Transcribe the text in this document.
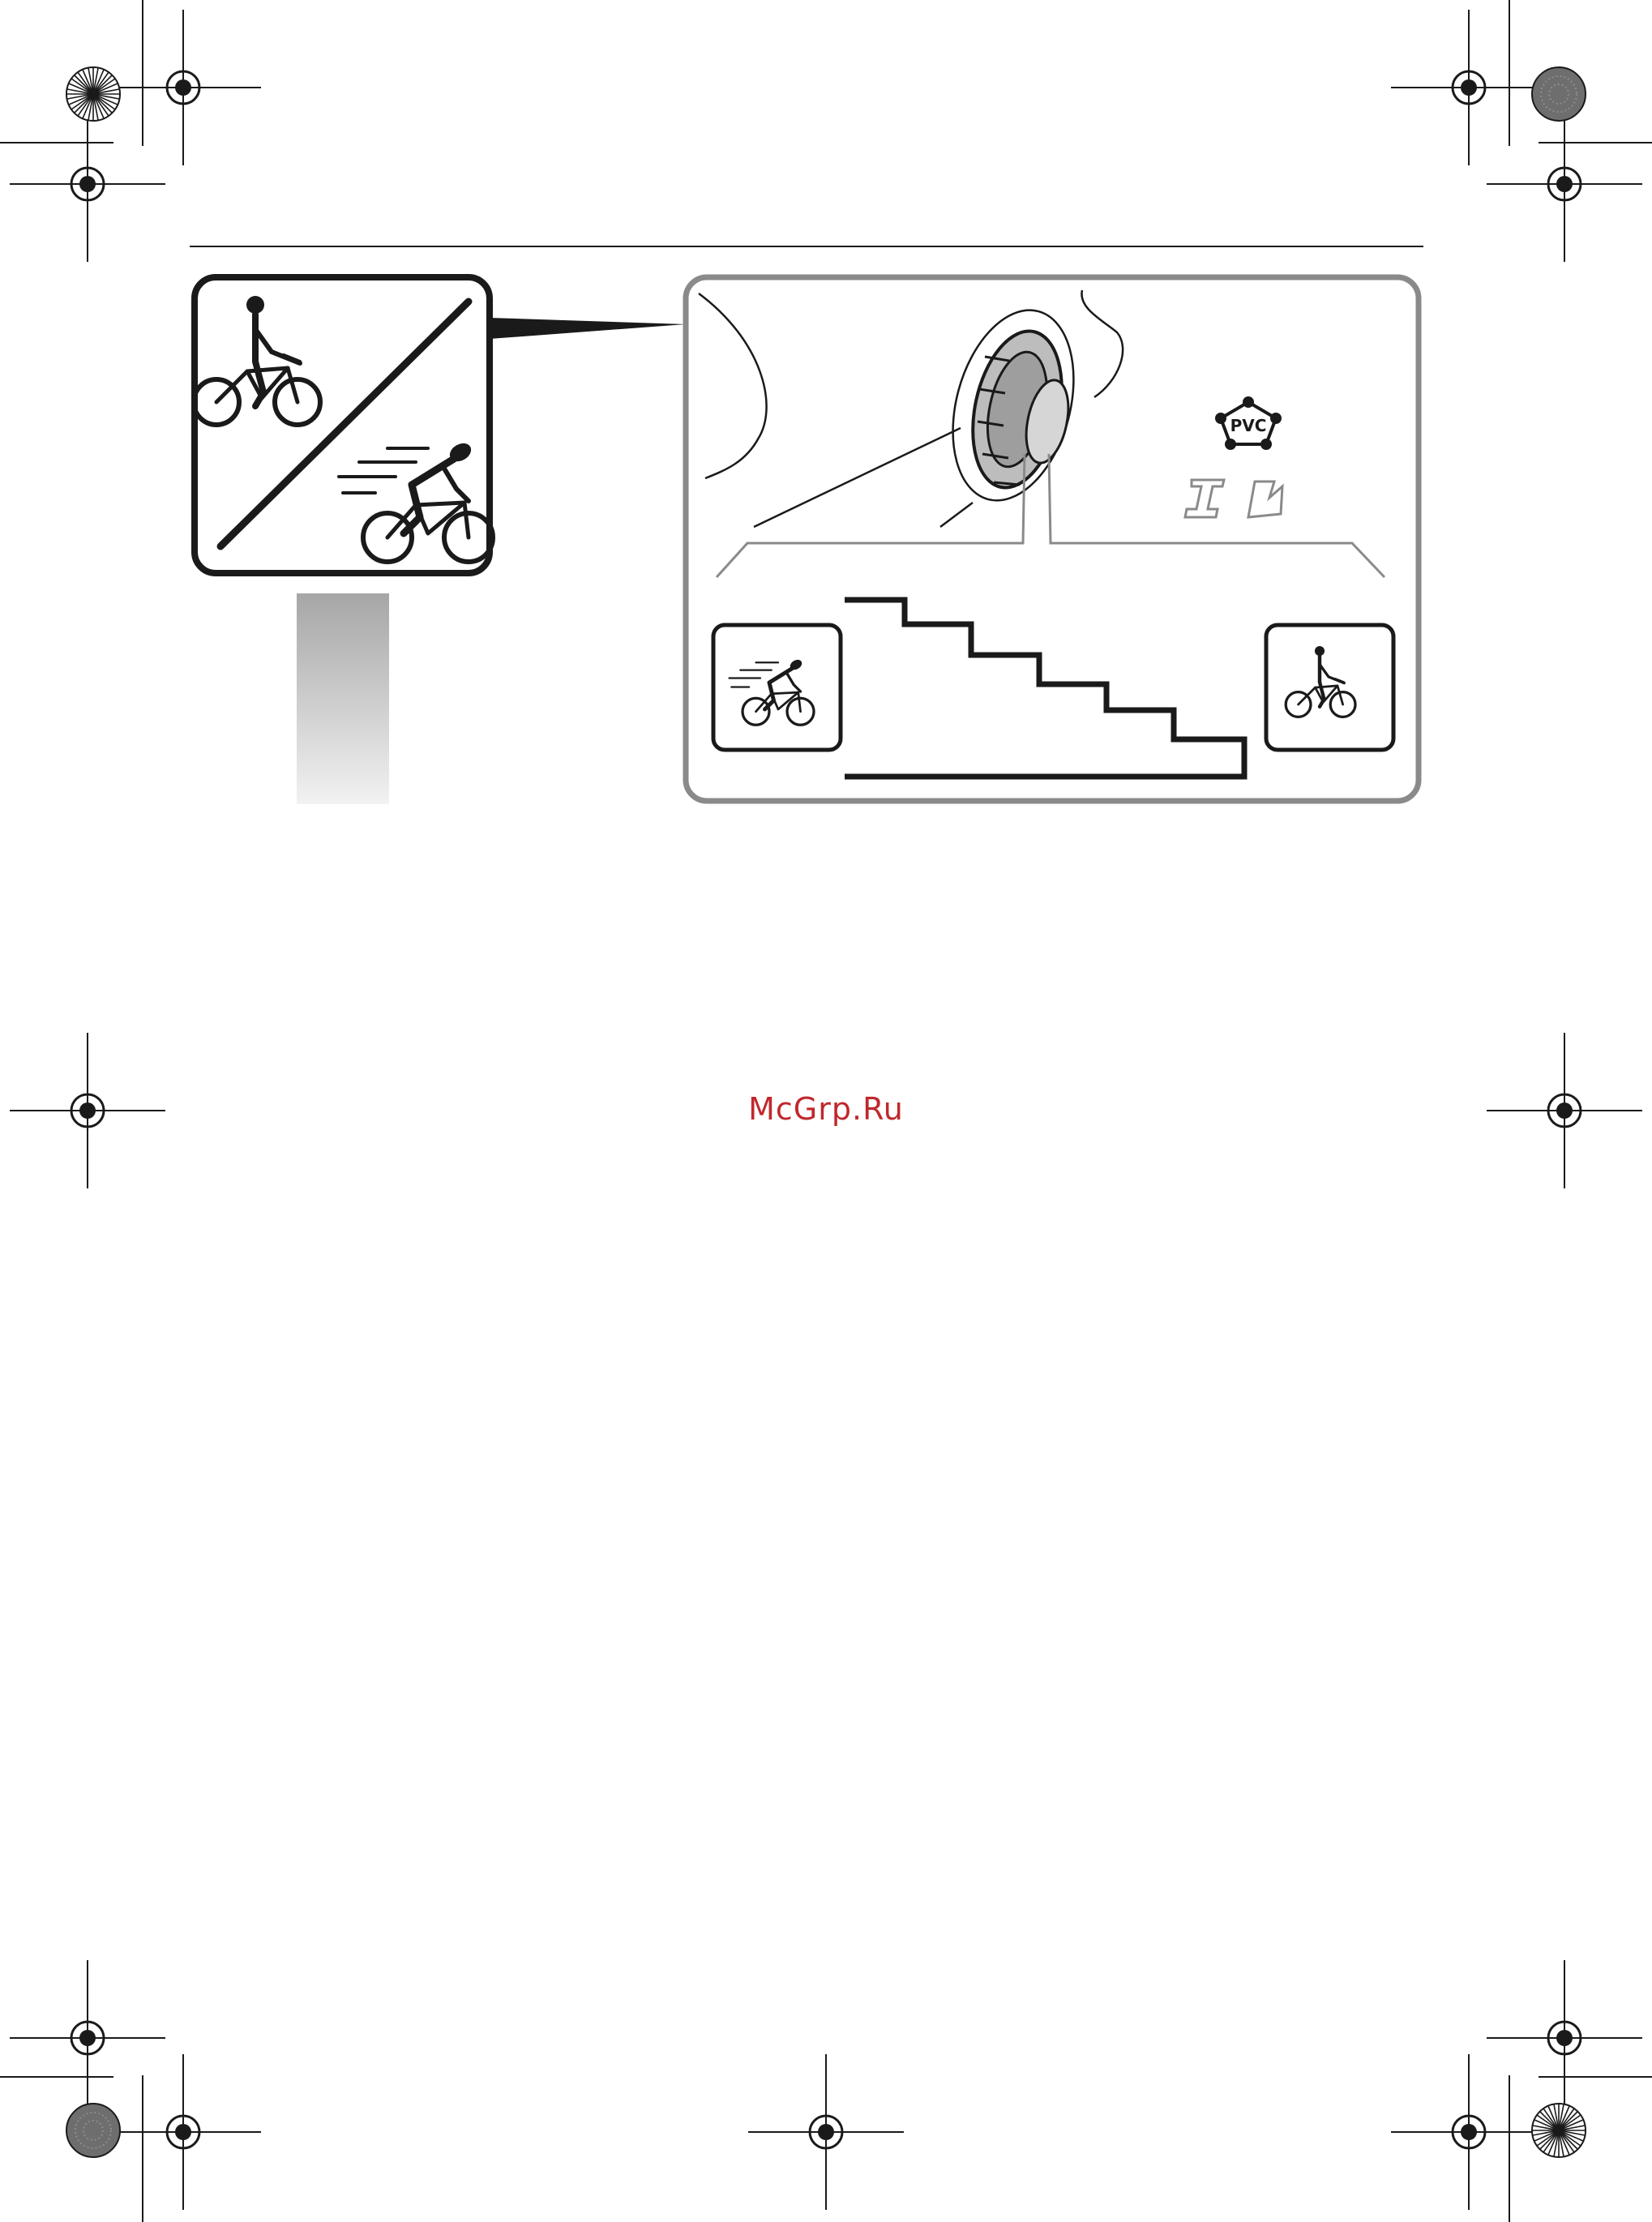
PVC
McGrp.Ru
